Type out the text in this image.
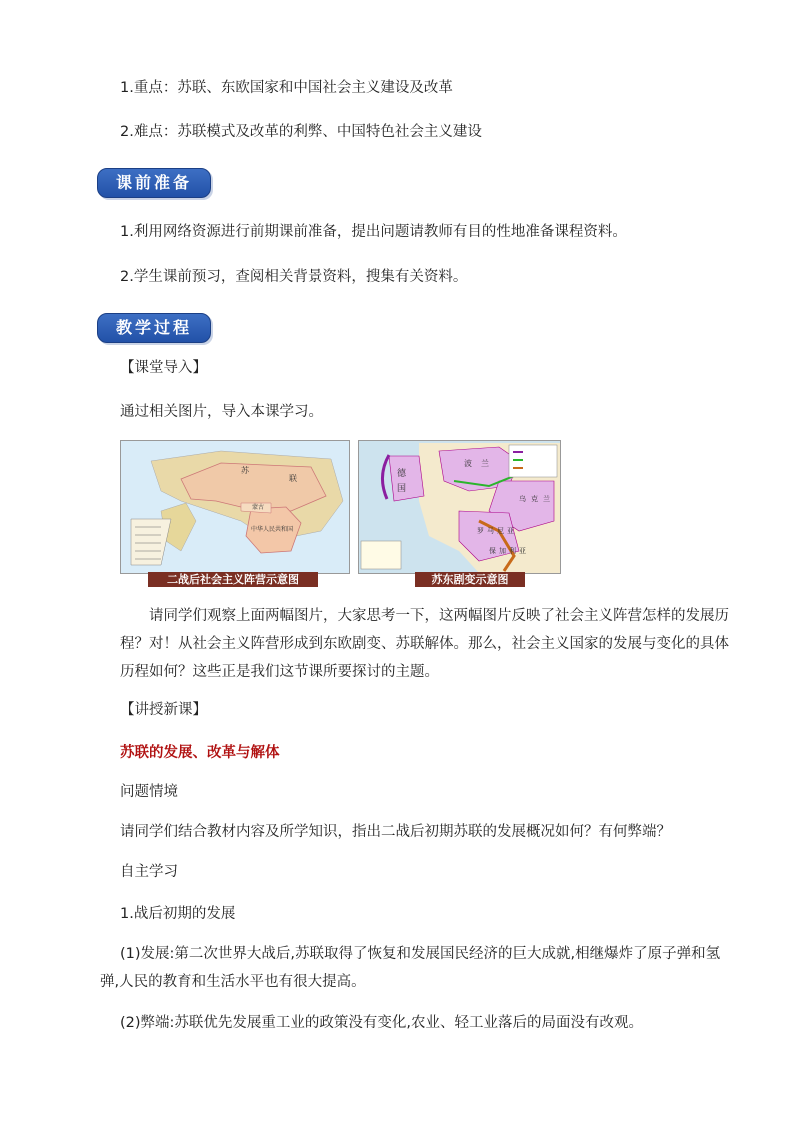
1.重点：苏联、东欧国家和中国社会主义建设及改革
2.难点：苏联模式及改革的利弊、中国特色社会主义建设
课前准备
1.利用网络资源进行前期课前准备，提出问题请教师有目的性地准备课程资料。
2.学生课前预习，查阅相关背景资料，搜集有关资料。
教学过程
【课堂导入】
通过相关图片，导入本课学习。
苏
联
蒙古
中华人民共和国
二战后社会主义阵营示意图
波 兰
德
国
乌 克 兰
罗 马 尼 亚
保 加 利 亚
苏东剧变示意图
请同学们观察上面两幅图片，大家思考一下，这两幅图片反映了社会主义阵营怎样的发展历程？对！从社会主义阵营形成到东欧剧变、苏联解体。那么，社会主义国家的发展与变化的具体历程如何？这些正是我们这节课所要探讨的主题。
【讲授新课】
苏联的发展、改革与解体
问题情境
请同学们结合教材内容及所学知识，指出二战后初期苏联的发展概况如何？有何弊端？
自主学习
1.战后初期的发展
(1)发展:第二次世界大战后,苏联取得了恢复和发展国民经济的巨大成就,相继爆炸了原子弹和氢弹,人民的教育和生活水平也有很大提高。
(2)弊端:苏联优先发展重工业的政策没有变化,农业、轻工业落后的局面没有改观。
